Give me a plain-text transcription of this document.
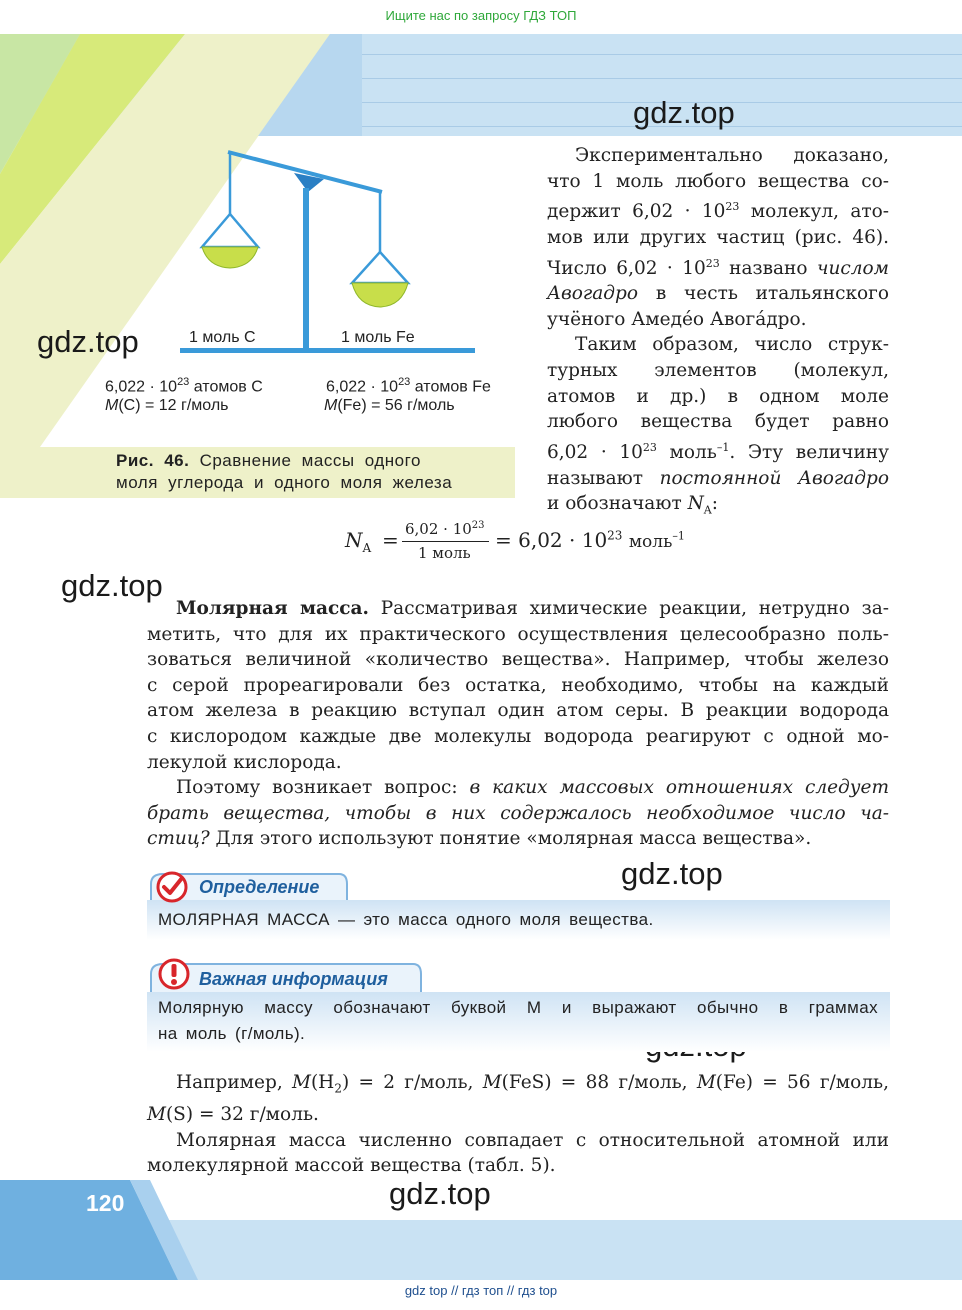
Ищите нас по запросу ГДЗ ТОП
1 моль C	1 моль Fe
$6,022 \cdot 10^{23}$ атомов C
M(C) = 12 г/моль
$6,022 \cdot 10^{23}$ атомов Fe
M(Fe) = 56 г/моль
Рис. 46. Сравнение массы одного
моля углерода и одного моля железа
gdz.top
gdz.top
gdz.top
gdz.top
gdz.top
Экспериментально доказано,
что 1 моль любого вещества со-
держит $6,02 \cdot 10^{23}$ молекул, ато-
мов или других частиц (рис. 46).
Число $6,02 \cdot 10^{23}$ названо числом
Авогадро в честь итальянского
учёного Амедéо Авогáдро.
Таким образом, число струк-
турных элементов (молекул,
атомов и др.) в одном моле
любого вещества будет равно
$6,02 \cdot 10^{23}$ моль$^{-1}$. Эту величину
называют постоянной Авогадро
и обозначают $N_A$:
$N_A = 6,02 \cdot 10^{23}$
1 моль
= $6,02 \cdot 10^{23}$ моль$^{-1}$
Молярная масса. Рассматривая химические реакции, нетрудно за-
метить, что для их практического осуществления целесообразно поль-
зоваться величиной «количество вещества». Например, чтобы железо
с серой прореагировали без остатка, необходимо, чтобы на каждый
атом железа в реакцию вступал один атом серы. В реакции водорода
с кислородом каждые две молекулы водорода реагируют с одной мо-
лекулой кислорода.
Поэтому возникает вопрос: в каких массовых отношениях следует
брать вещества, чтобы в них содержалось необходимое число ча-
стиц? Для этого используют понятие «молярная масса вещества».
Определение
МОЛЯРНАЯ МАССА — это масса одного моля вещества.
Важная информация
Молярную массу обозначают буквой M и выражают обычно в граммах
на моль (г/моль).
Например, $M(H_2) = 2$ г/моль, M(FeS) = 88 г/моль, M(Fe) = 56 г/моль,
M(S) = 32 г/моль.
Молярная масса численно совпадает с относительной атомной или
молекулярной массой вещества (табл. 5).
120
gdz top // гдз топ // гдз top
